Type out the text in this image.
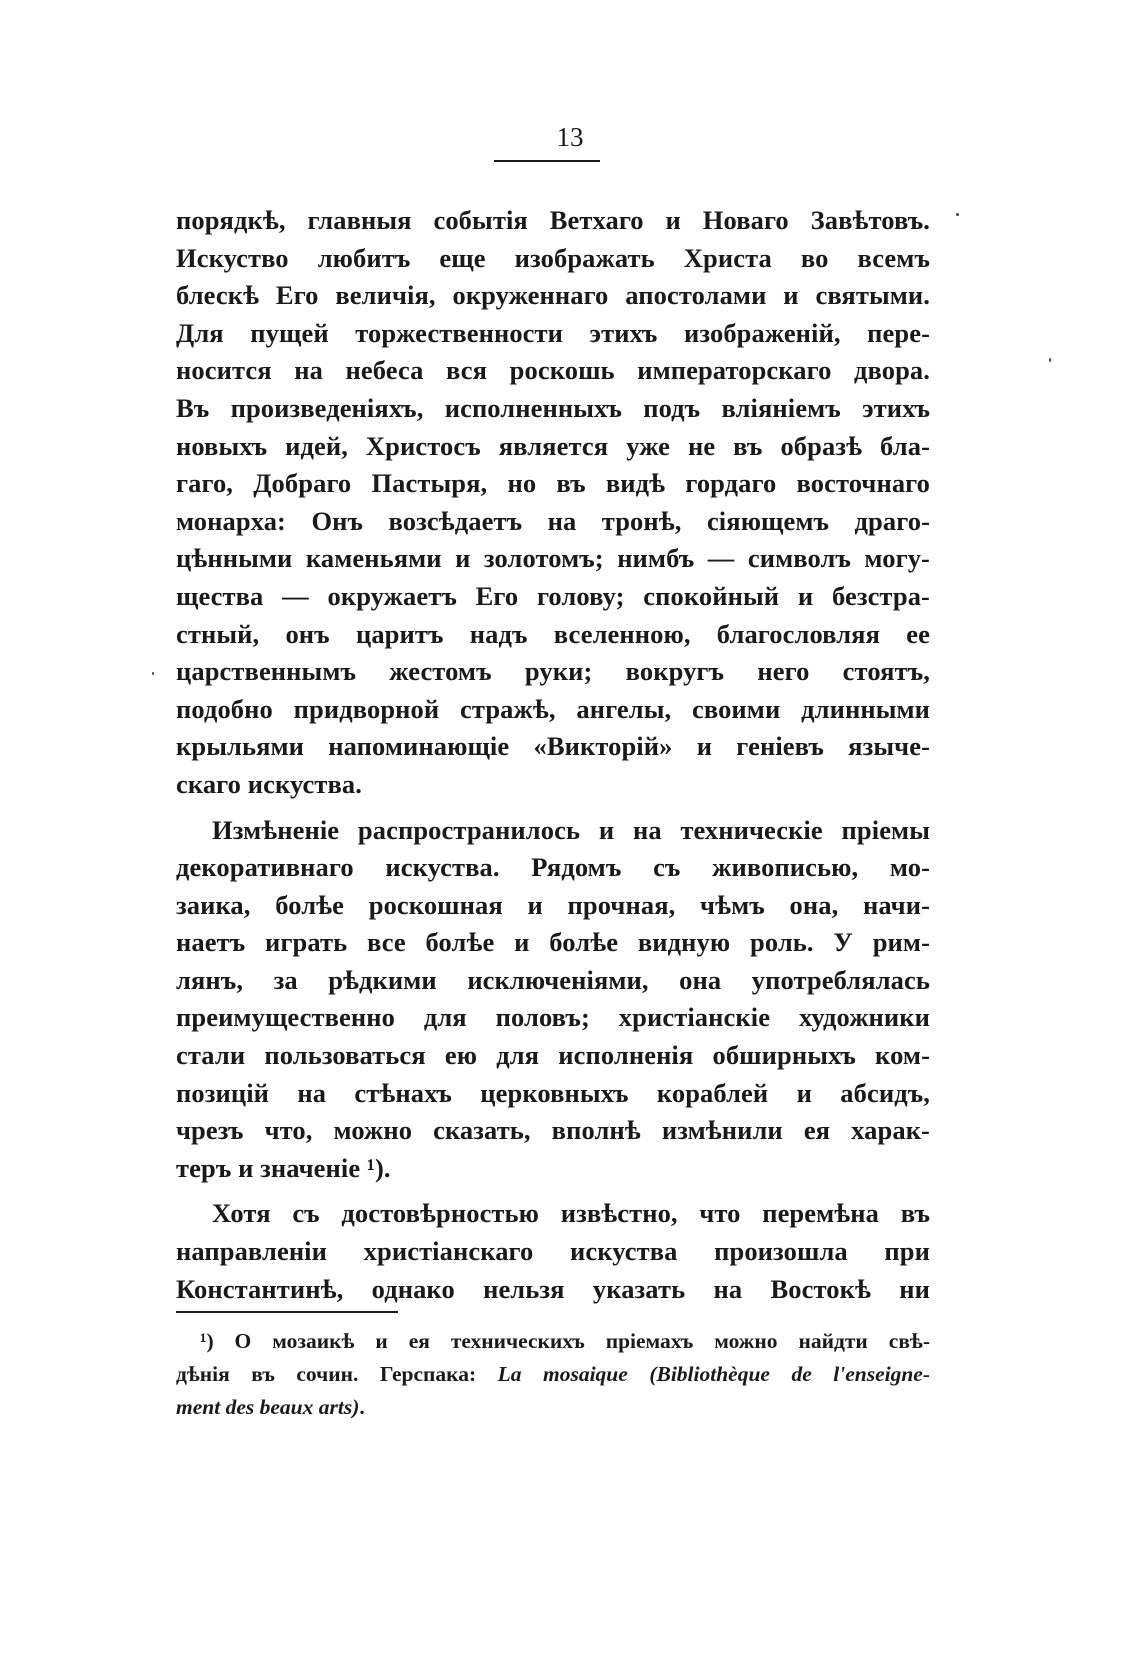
13
порядкѣ, главныя событія Ветхаго и Новаго Завѣтовъ.
Искуство любитъ еще изображать Христа во всемъ
блескѣ Его величія, окруженнаго апостолами и святыми.
Для пущей торжественности этихъ изображеній, пере-
носится на небеса вся роскошь императорскаго двора.
Въ произведеніяхъ, исполненныхъ подъ вліяніемъ этихъ
новыхъ идей, Христосъ является уже не въ образѣ бла-
гаго, Добраго Пастыря, но въ видѣ гордаго восточнаго
монарха: Онъ возсѣдаетъ на тронѣ, сіяющемъ драго-
цѣнными каменьями и золотомъ; нимбъ — символъ могу-
щества — окружаетъ Его голову; спокойный и безстра-
стный, онъ царитъ надъ вселенною, благословляя ее
царственнымъ жестомъ руки; вокругъ него стоятъ,
подобно придворной стражѣ, ангелы, своими длинными
крыльями напоминающіе «Викторій» и геніевъ языче-
скаго искуства.
Измѣненіе распространилось и на техническіе пріемы
декоративнаго искуства. Рядомъ съ живописью, мо-
заика, болѣе роскошная и прочная, чѣмъ она, начи-
наетъ играть все болѣе и болѣе видную роль. У рим-
лянъ, за рѣдкими исключеніями, она употреблялась
преимущественно для половъ; христіанскіе художники
стали пользоваться ею для исполненія обширныхъ ком-
позицій на стѣнахъ церковныхъ кораблей и абсидъ,
чрезъ что, можно сказать, вполнѣ измѣнили ея харак-
теръ и значеніе ¹).
Хотя съ достовѣрностью извѣстно, что перемѣна въ
направленіи христіанскаго искуства произошла при
Константинѣ, однако нельзя указать на Востокѣ ни
¹) О мозаикѣ и ея техническихъ пріемахъ можно найдти свѣ-
дѣнія въ сочин. Герспака: La mosaique (Bibliothèque de l'enseigne-
ment des beaux arts).
